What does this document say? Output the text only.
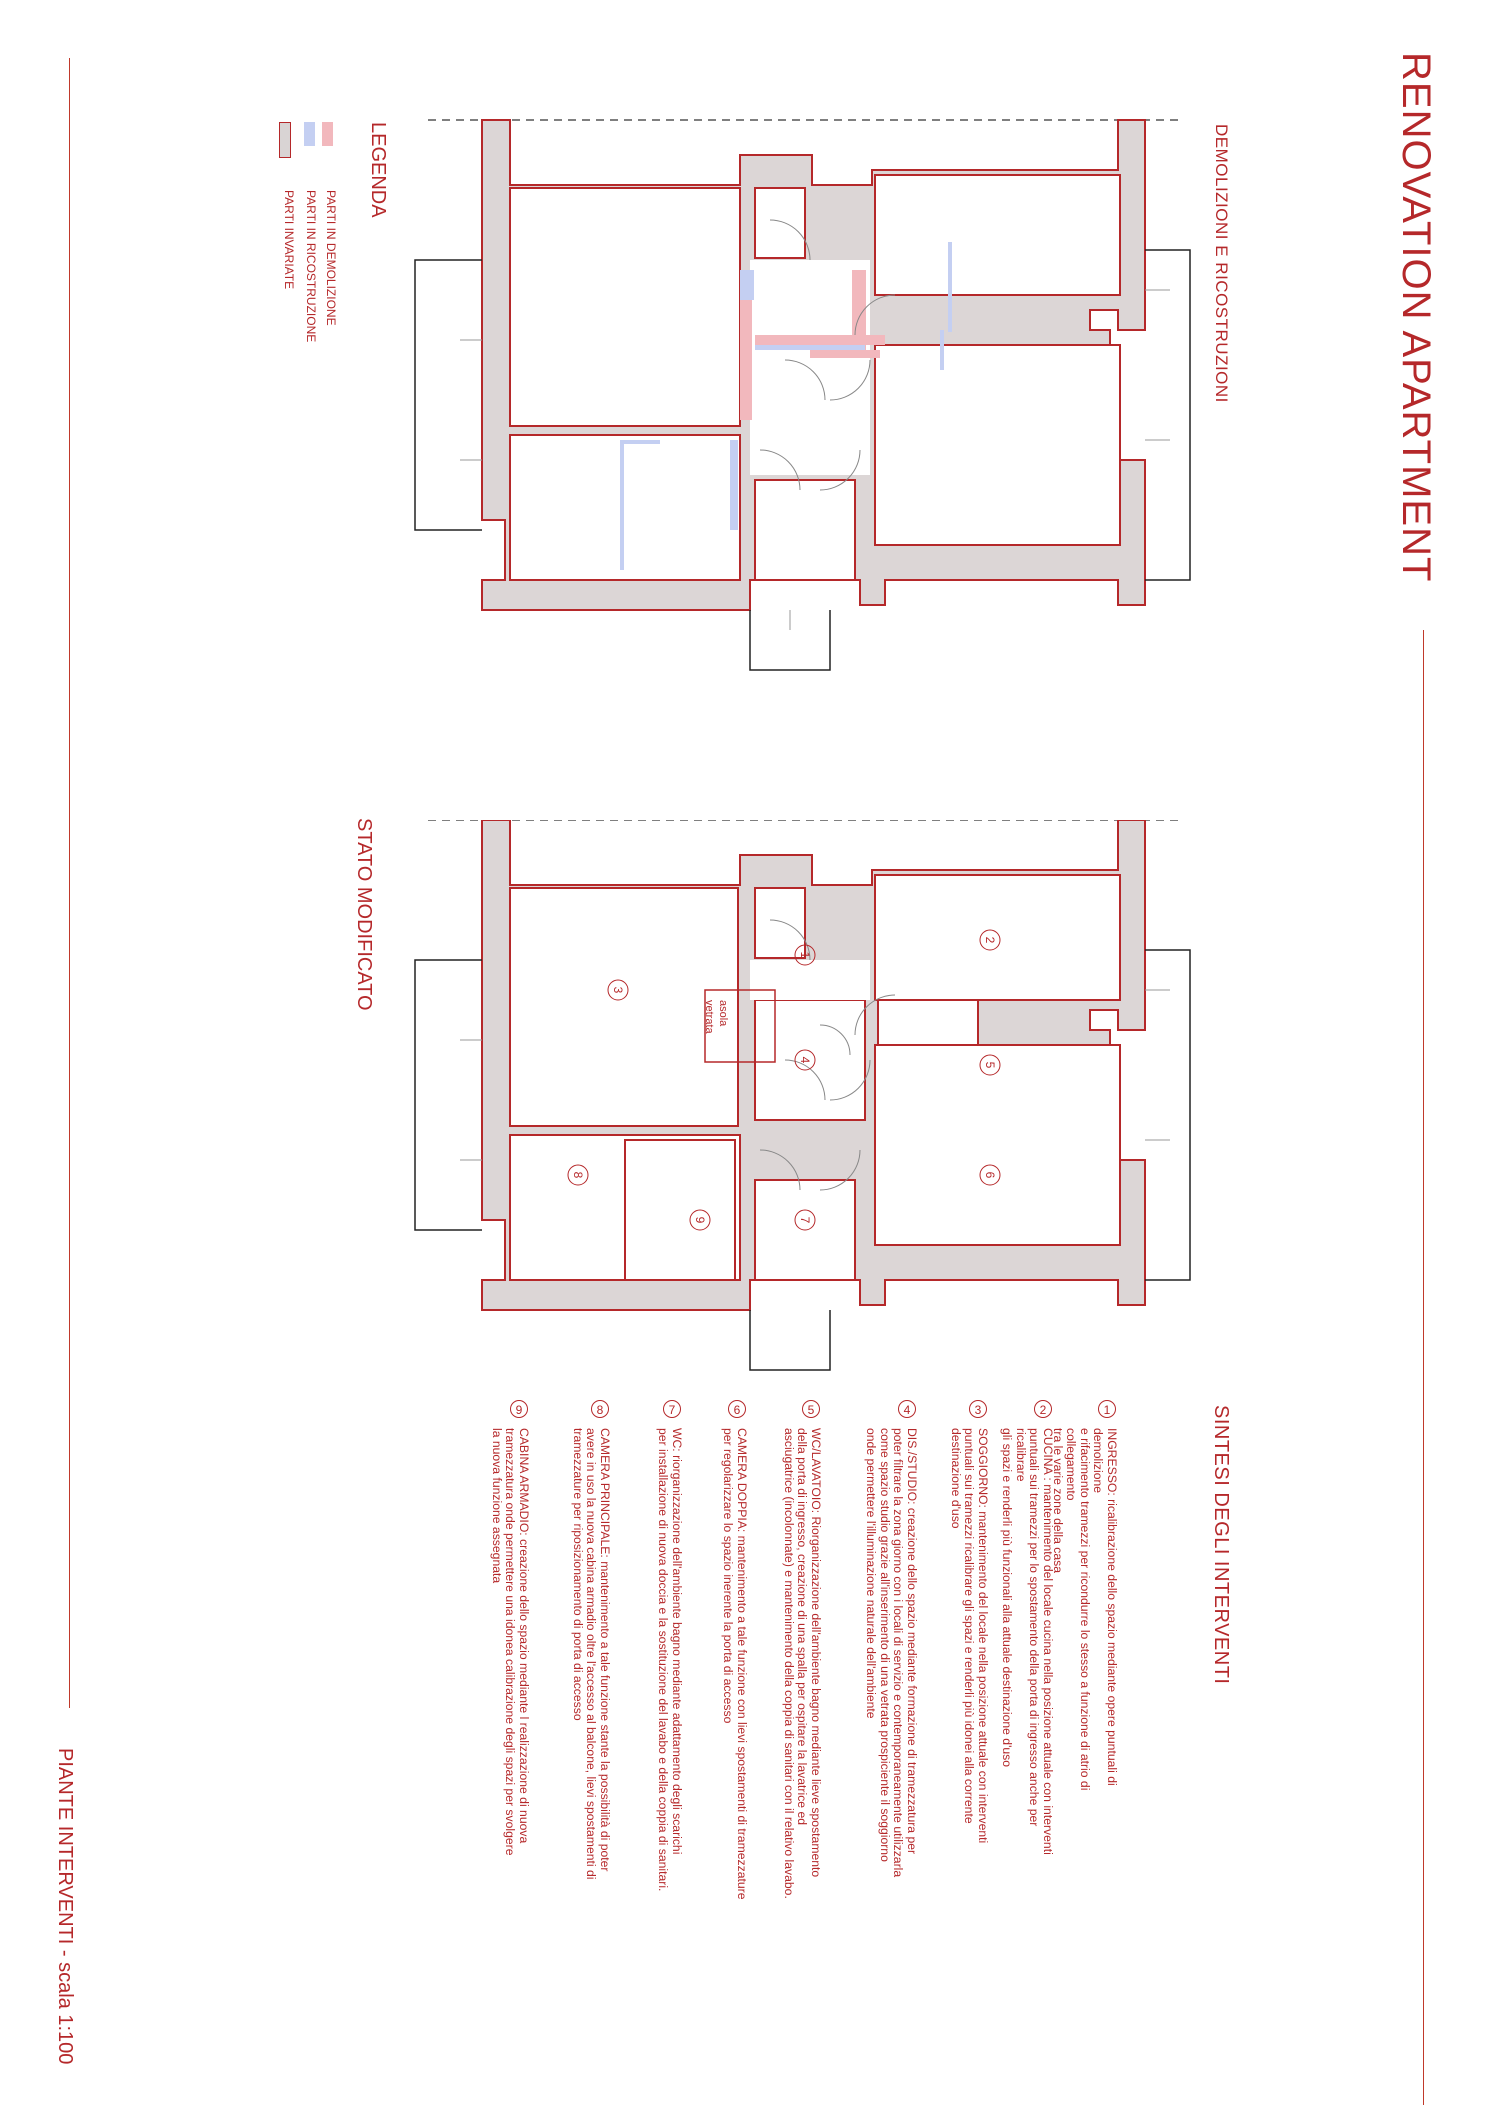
RENOVATION APARTMENT
PIANTE INTERVENTI - scala 1:100
DEMOLIZIONI E RICOSTRUZIONI
STATO MODIFICATO
LEGENDA
PARTI IN DEMOLIZIONE
PARTI IN RICOSTRUZIONE
PARTI INVARIATE
1
2
3
4
5
6
7
8
9
asola
vetrata
SINTESI DEGLI INTERVENTI
1
INGRESSO: ricalibrazione dello spazio mediante opere puntuali di demolizione
e rifacimento tramezzi per ricondurre lo stesso a funzione di atrio di collegamento
tra le varie zone della casa
2
CUCINA : mantenimento del locale cucina nella posizione attuale con interventi
puntuali sui tramezzi per lo spostamento della porta di ingresso anche per ricalibrare
gli spazi e renderli più funzionali alla attuale destinazione d'uso
3
SOGGIORNO: mantenimento del locale nella posizione attuale con interventi
puntuali sui tramezzi ricalibrare gli spazi e renderli più idonei alla corrente
destinazione d'uso
4
DIS./STUDIO: creazione dello spazio mediante formazione di tramezzatura per
poter filtrare la zona giorno con i locali di servizio e contemporaneamente utilizzarla
come spazio studio grazie all'inserimento di una vetrata prospiciente il soggiorno
onde permettere l'illuminazione naturale dell'ambiente
5
WC/LAVATOIO: Riorganizzazione dell'ambiente bagno mediante lieve spostamento
della porta di ingresso, creazione di una spalla per ospitare la lavatrice ed
asciugatrice (incolonnate) e mantenimento della coppia di sanitari con il relativo lavabo.
6
CAMERA DOPPIA: mantenimento a tale funzione con lievi spostamenti di tramezzature
per regolarizzare lo spazio inerente la porta di accesso
7
WC: riorganizzazione dell'ambiente bagno mediante adattamento degli scarichi
per installazione di nuova doccia e la sostituzione del lavabo e della coppia di sanitari.
8
CAMERA PRINCIPALE: mantenimento a tale funzione stante la possibilità di poter
avere in uso la nuova cabina armadio oltre l'accesso al balcone, lievi spostamenti di
tramezzature per riposizionamento di porta di accesso
9
CABINA ARMADIO: creazione dello spazio mediante l realizzazione di nuova
tramezzatura onde permettere una idonea calibrazione degli spazi per svolgere
la nuova funzione assegnata
